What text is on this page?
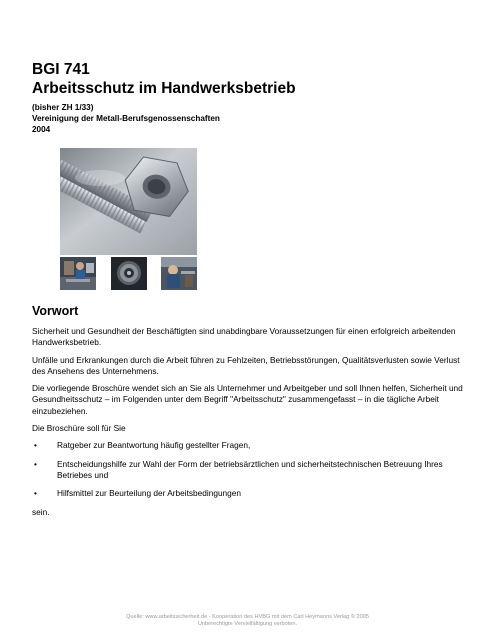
BGI 741
Arbeitsschutz im Handwerksbetrieb

(bisher ZH 1/33)

Vereinigung der Metall-Berufsgenossenschaften

2004

Vorwort

Sicherheit und Gesundheit der Beschäftigten sind unabdingbare Voraussetzungen für einen erfolgreich arbeitenden Handwerksbetrieb.

Unfälle und Erkrankungen durch die Arbeit führen zu Fehlzeiten, Betriebsstörungen, Qualitätsverlusten sowie Verlust des Ansehens des Unternehmens.

Die vorliegende Broschüre wendet sich an Sie als Unternehmer und Arbeitgeber und soll Ihnen helfen, Sicherheit und Gesundheitsschutz – im Folgenden unter dem Begriff "Arbeitsschutz" zusammengefasst – in die tägliche Arbeit einzubeziehen.

Die Broschüre soll für Sie

• Ratgeber zur Beantwortung häufig gestellter Fragen,
• Entscheidungshilfe zur Wahl der Form der betriebsärztlichen und sicherheitstechnischen Betreuung Ihres Betriebes und
• Hilfsmittel zur Beurteilung der Arbeitsbedingungen

sein.

Quelle: www.arbeitssicherheit.de - Kooperation des HVBG mit dem Carl Heymanns Verlag © 2005
Unberechtigte Vervielfältigung verboten.
